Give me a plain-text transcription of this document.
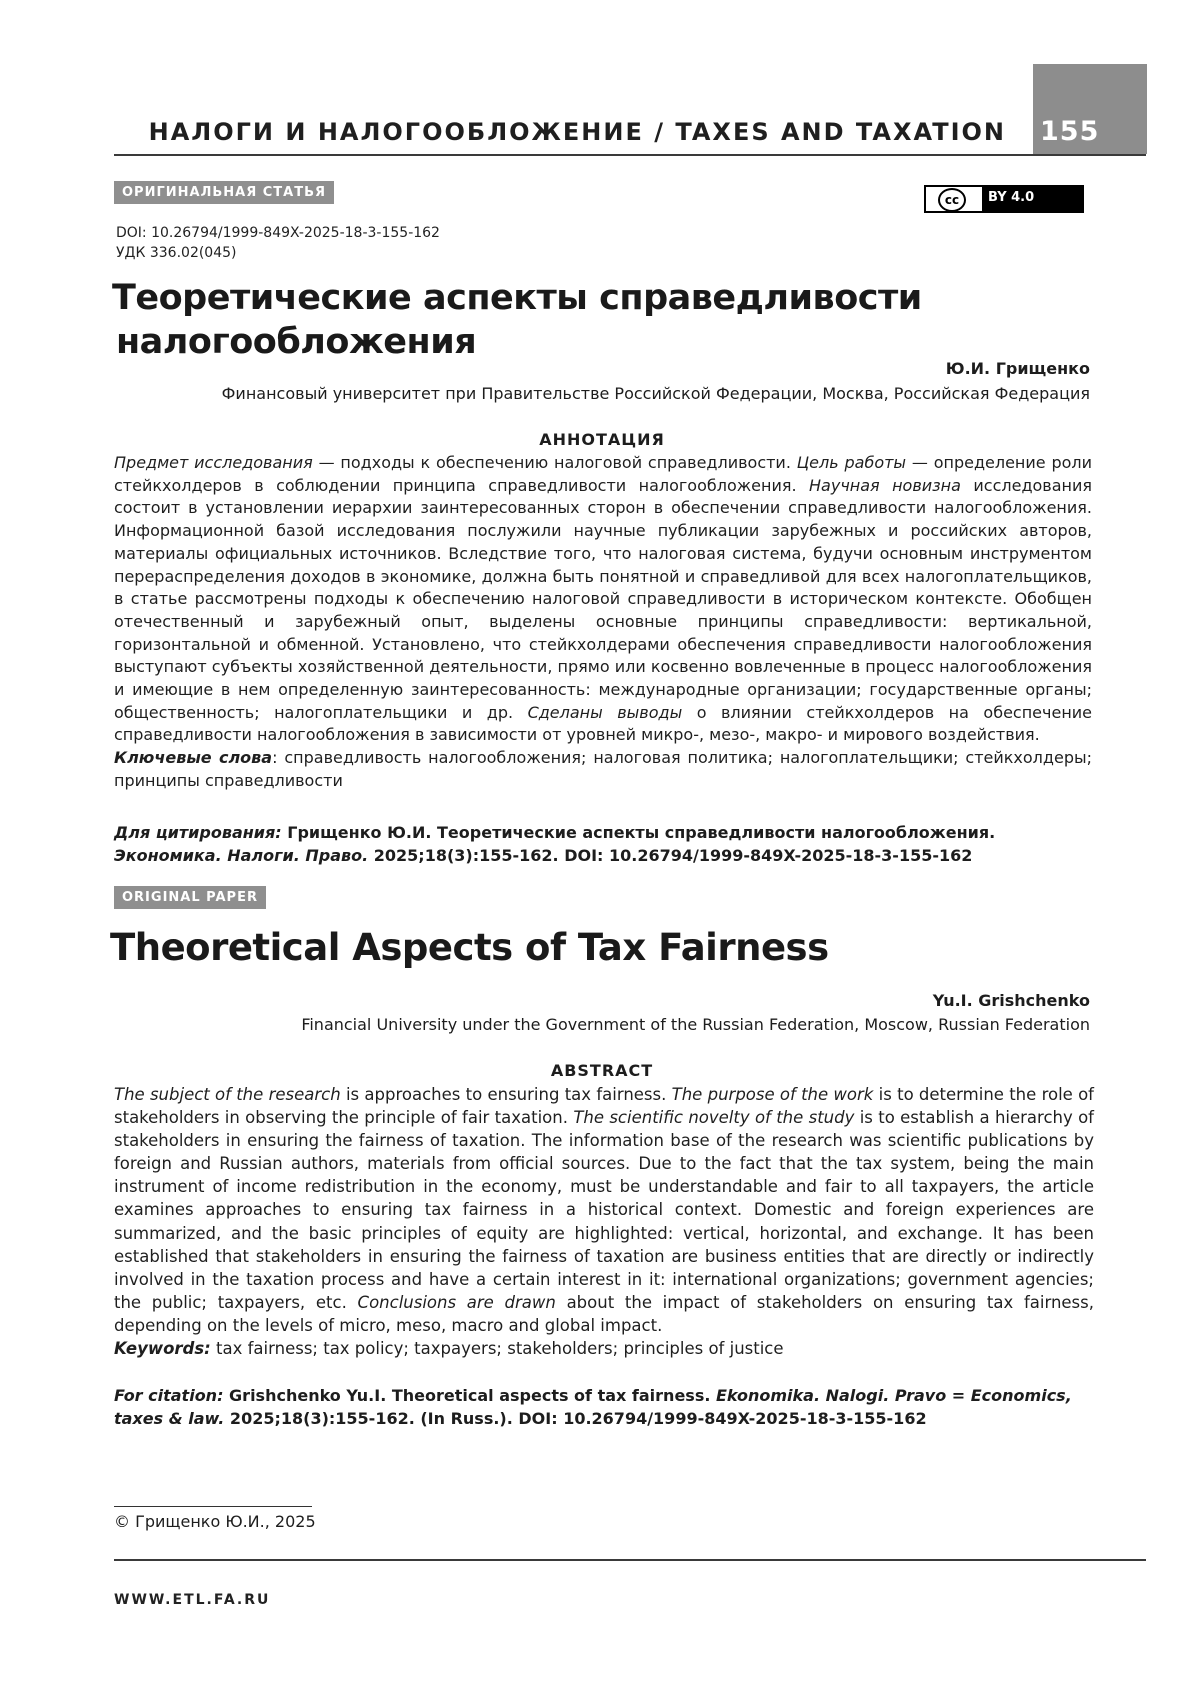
155
НАЛОГИ И НАЛОГООБЛОЖЕНИЕ / TAXES AND TAXATION
ОРИГИНАЛЬНАЯ СТАТЬЯ	cc	BY 4.0
DOI: 10.26794/1999-849X-2025-18-3-155-162
УДК 336.02(045)
Теоретические аспекты справедливости
налогообложения
Ю.И. Грищенко
Финансовый университет при Правительстве Российской Федерации, Москва, Российская Федерация
АННОТАЦИЯ
Предмет исследования — подходы к обеспечению налоговой справедливости. Цель работы — определение роли стейкхолдеров в соблюдении принципа справедливости налогообложения. Научная новизна исследования состоит в установлении иерархии заинтересованных сторон в обеспечении справедливости налогообложения. Информационной базой исследования послужили научные публикации зарубежных и российских авторов, материалы официальных источников. Вследствие того, что налоговая система, будучи основным инструментом перераспределения доходов в экономике, должна быть понятной и справедливой для всех налогоплательщиков, в статье рассмотрены подходы к обеспечению налоговой справедливости в историческом контексте. Обобщен отечественный и зарубежный опыт, выделены основные принципы справедливости: вертикальной, горизонтальной и обменной. Установлено, что стейкхолдерами обеспечения справедливости налогообложения выступают субъекты хозяйственной деятельности, прямо или косвенно вовлеченные в процесс налогообложения и имеющие в нем определенную заинтересованность: международные организации; государственные органы; общественность; налогоплательщики и др. Сделаны выводы о влиянии стейкхолдеров на обеспечение справедливости налогообложения в зависимости от уровней микро-, мезо-, макро- и мирового воздействия.
Ключевые слова: справедливость налогообложения; налоговая политика; налогоплательщики; стейкхолдеры; принципы справедливости
Для цитирования: Грищенко Ю.И. Теоретические аспекты справедливости налогообложения. Экономика. Налоги. Право. 2025;18(3):155-162. DOI: 10.26794/1999-849X-2025-18-3-155-162
ORIGINAL PAPER
Theoretical Aspects of Tax Fairness
Yu.I. Grishchenko
Financial University under the Government of the Russian Federation, Moscow, Russian Federation
ABSTRACT
The subject of the research is approaches to ensuring tax fairness. The purpose of the work is to determine the role of stakeholders in observing the principle of fair taxation. The scientific novelty of the study is to establish a hierarchy of stakeholders in ensuring the fairness of taxation. The information base of the research was scientific publications by foreign and Russian authors, materials from official sources. Due to the fact that the tax system, being the main instrument of income redistribution in the economy, must be understandable and fair to all taxpayers, the article examines approaches to ensuring tax fairness in a historical context. Domestic and foreign experiences are summarized, and the basic principles of equity are highlighted: vertical, horizontal, and exchange. It has been established that stakeholders in ensuring the fairness of taxation are business entities that are directly or indirectly involved in the taxation process and have a certain interest in it: international organizations; government agencies; the public; taxpayers, etc. Conclusions are drawn about the impact of stakeholders on ensuring tax fairness, depending on the levels of micro, meso, macro and global impact.
Keywords: tax fairness; tax policy; taxpayers; stakeholders; principles of justice
For citation: Grishchenko Yu.I. Theoretical aspects of tax fairness. Ekonomika. Nalogi. Pravo = Economics, taxes & law. 2025;18(3):155-162. (In Russ.). DOI: 10.26794/1999-849X-2025-18-3-155-162
© Грищенко Ю.И., 2025
WWW.ETL.FA.RU
